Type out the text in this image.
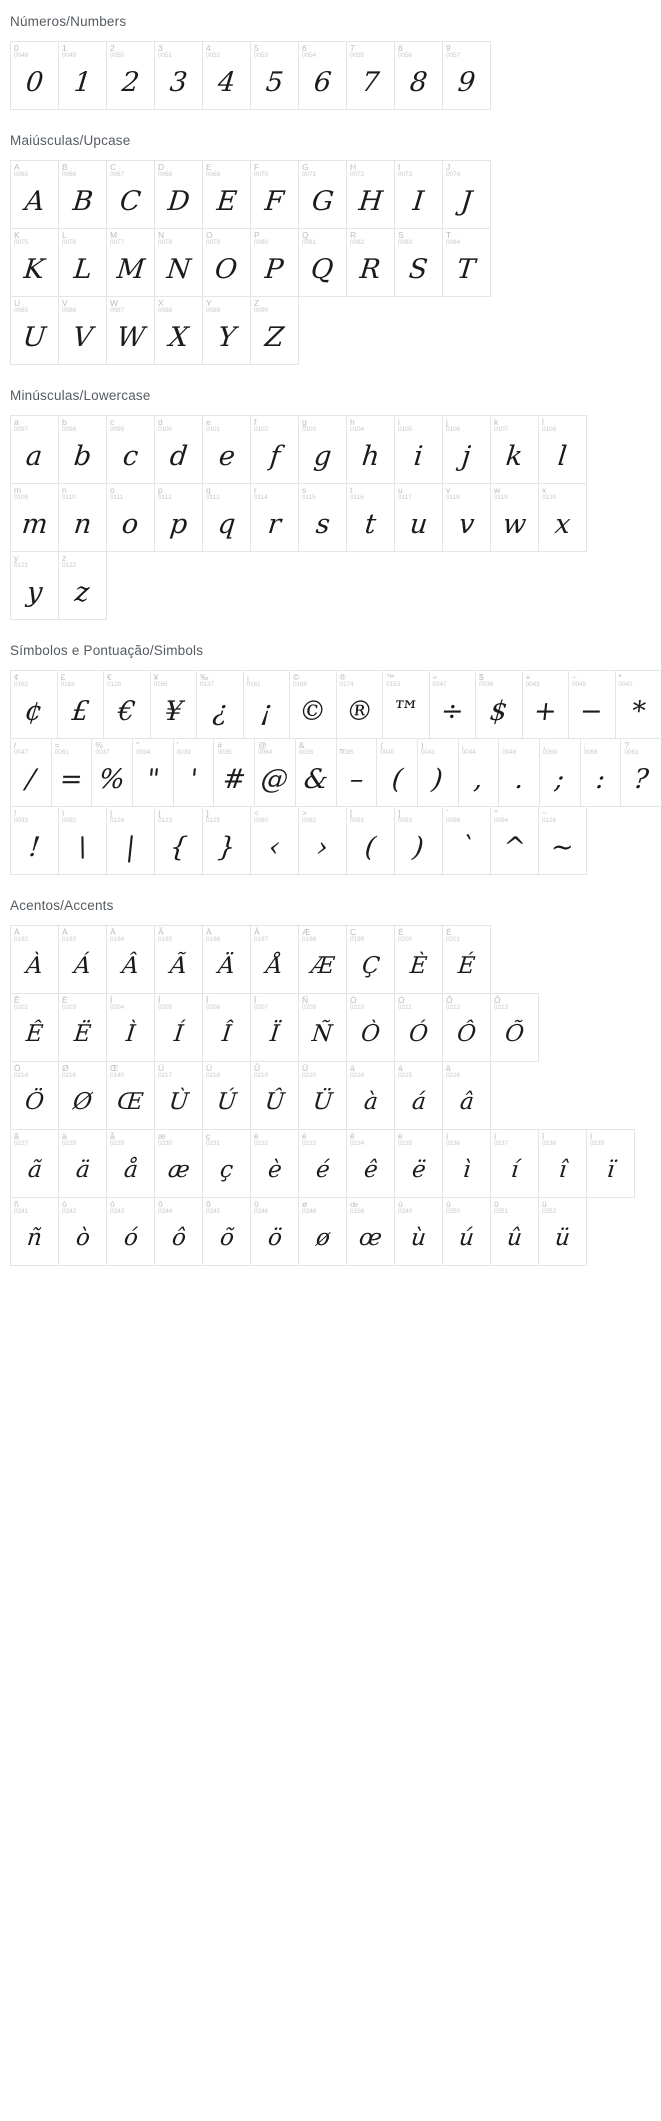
Números/Numbers
0
0048
0
1
0049
1
2
0050
2
3
0051
3
4
0052
4
5
0053
5
6
0054
6
7
0055
7
8
0056
8
9
0057
9
Maiúsculas/Upcase
A
0065
A
B
0066
B
C
0067
C
D
0068
D
E
0069
E
F
0070
F
G
0071
G
H
0072
H
I
0073
I
J
0074
J
K
0075
K
L
0076
L
M
0077
M
N
0078
N
O
0079
O
P
0080
P
Q
0081
Q
R
0082
R
S
0083
S
T
0084
T
U
0085
U
V
0086
V
W
0087
W
X
0088
X
Y
0089
Y
Z
0090
Z
Minúsculas/Lowercase
a
0097
a
b
0098
b
c
0099
c
d
0100
d
e
0101
e
f
0102
f
g
0103
g
h
0104
h
i
0105
i
j
0106
j
k
0107
k
l
0108
l
m
0109
m
n
0110
n
o
0111
o
p
0112
p
q
0113
q
r
0114
r
s
0115
s
t
0116
t
u
0117
u
v
0118
v
w
0119
w
x
0120
x
y
0121
y
z
0122
z
Símbolos e Pontuação/Simbols
¢
0162
¢
£
0163
£
€
0128
€
¥
0165
¥
‰
0137
¿
¡
0161
¡
©
0169
©
®
0174
®
™
0153
™
÷
0247
÷
$
0036
$
+
0043
+
−
0045
−
*
0042
*
/
0047
/
=
0061
=
%
0037
%
"
0034
"
'
0039
'
#
0035
#
@
0064
@
&
0038
&
_
0095
–
(
0040
(
)
0041
)
,
0044
,
.
0046
.
;
0059
;
:
0058
:
?
0063
?
!
0033
!
\
0092
\
|
0124
|
{
0123
{
}
0125
}
<
0060
‹
>
0062
›
[
0091
(
]
0093
)
`
0096
`
^
0094
^
~
0126
~
Acentos/Accents
À
0192
À
Á
0193
Á
Â
0194
Â
Ã
0195
Ã
Ä
0196
Ä
Å
0197
Å
Æ
0198
Æ
Ç
0199
Ç
È
0200
È
É
0201
É
Ê
0202
Ê
Ë
0203
Ë
Ì
0204
Ì
Í
0205
Í
Î
0206
Î
Ï
0207
Ï
Ñ
0209
Ñ
Ò
0210
Ò
Ó
0211
Ó
Ô
0212
Ô
Õ
0213
Õ
Ö
0214
Ö
Ø
0216
Ø
Œ
0140
Œ
Ù
0217
Ù
Ú
0218
Ú
Û
0219
Û
Ü
0220
Ü
à
0224
à
á
0225
á
â
0226
â
ã
0227
ã
ä
0228
ä
å
0229
å
æ
0230
æ
ç
0231
ç
è
0232
è
é
0233
é
ê
0234
ê
ë
0235
ë
ì
0236
ì
í
0237
í
î
0238
î
ï
0239
ï
ñ
0241
ñ
ò
0242
ò
ó
0243
ó
ô
0244
ô
õ
0245
õ
ö
0246
ö
ø
0248
ø
œ
0156
œ
ù
0249
ù
ú
0250
ú
û
0251
û
ü
0252
ü
